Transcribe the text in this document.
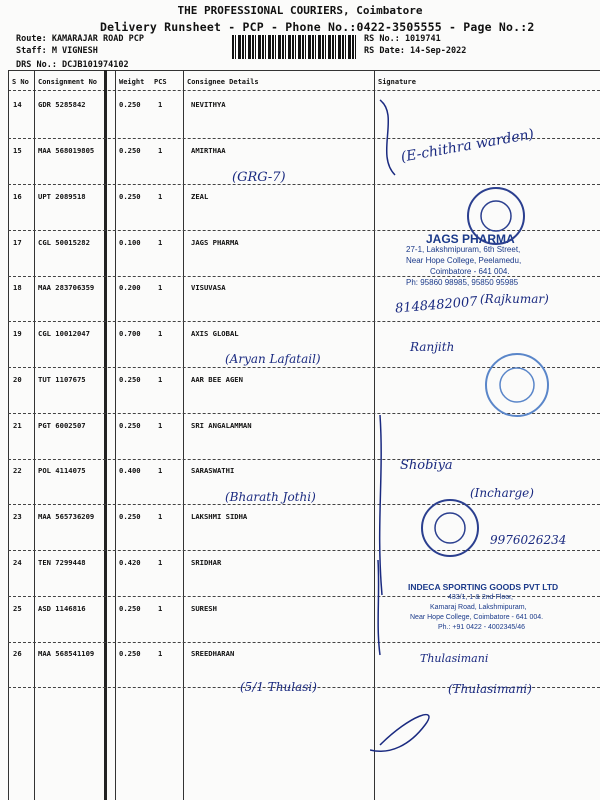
THE PROFESSIONAL COURIERS, Coimbatore
Delivery Runsheet - PCP - Phone No.:0422-3505555 - Page No.:2
Route: KAMARAJAR ROAD PCP
Staff: M VIGNESH
DRS No.: DCJB101974102
RS No.: 1019741
RS Date: 14-Sep-2022
S No Consignment No	Weight PCS	Consignee Details	Signature
14 GDR 5285842	0.250 1	NEVITHYA
15 MAA 568019805	0.250 1	AMIRTHAA
16 UPT 2089518	0.250 1	ZEAL
17 CGL 50015282	0.100 1	JAGS PHARMA
18 MAA 283706359	0.200 1	VISUVASA
19 CGL 10012047	0.700 1	AXIS GLOBAL
20 TUT 1107675	0.250 1	AAR BEE AGEN
21 PGT 6002507	0.250 1	SRI ANGALAMMAN
22 POL 4114075	0.400 1	SARASWATHI
23 MAA 565736209	0.250 1	LAKSHMI SIDHA
24 TEN 7299448	0.420 1	SRIDHAR
25 ASD 1146816	0.250 1	SURESH
26 MAA 568541109	0.250 1	SREEDHARAN
(GRG-7)
(E-chithra warden)
8148482007 (Rajkumar)
(Aryan Lafatail)
Ranjith
(Bharath Jothi)
Shobiya
(Incharge)
9976026234
Thulasimani
(5/1 Thulasi)	(Thulasimani)
JAGS PHARMA
27-1, Lakshmipuram, 6th Street,
Near Hope College, Peelamedu,
Coimbatore - 641 004.
Ph: 95860 98985, 95850 95985
INDECA SPORTING GOODS PVT LTD
433/1, 1 & 2nd Floor,
Kamaraj Road, Lakshmipuram,
Near Hope College, Coimbatore - 641 004.
Ph.: +91 0422 - 4002345/46
